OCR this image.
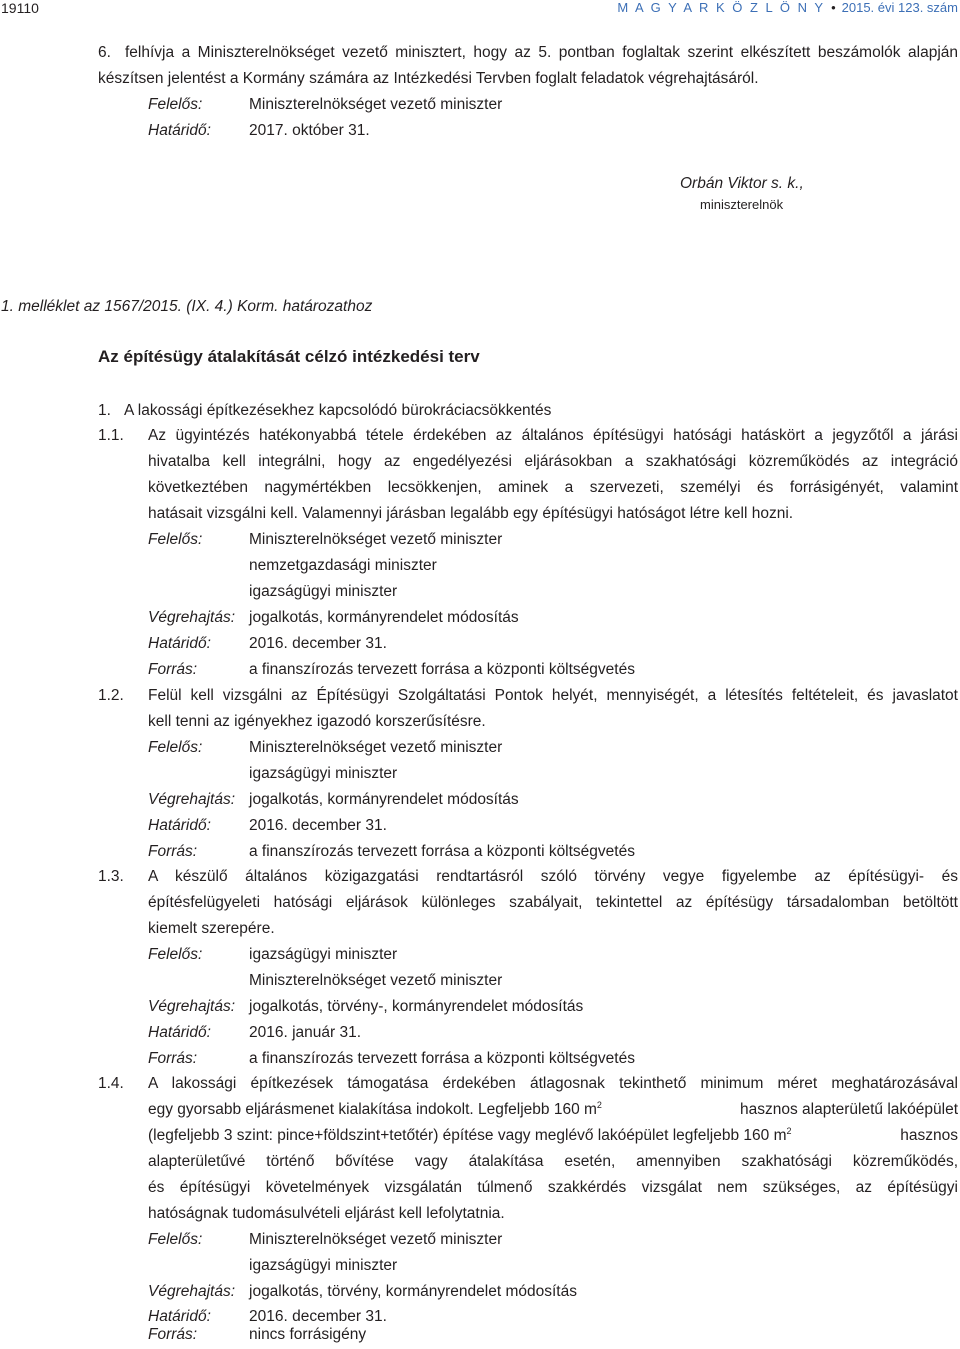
19110	M A G Y A R K Ö Z L Ö N Y • 2015. évi 123. szám
6. felhívja a Miniszterelnökséget vezető minisztert, hogy az 5. pontban foglaltak szerint elkészített beszámolók alapján
készítsen jelentést a Kormány számára az Intézkedési Tervben foglalt feladatok végrehajtásáról.
Felelős:	Miniszterelnökséget vezető miniszter
Határidő: 2017. október 31.
Orbán Viktor s. k.,
miniszterelnök
1. melléklet az 1567/2015. (IX. 4.) Korm. határozathoz
Az építésügy átalakítását célzó intézkedési terv
1. A lakossági építkezésekhez kapcsolódó bürokráciacsökkentés
1.1. Az ügyintézés hatékonyabbá tétele érdekében az általános építésügyi hatósági hatáskört a jegyzőtől a járási
hivatalba kell integrálni, hogy az engedélyezési eljárásokban a szakhatósági közreműködés az integráció
következtében nagymértékben lecsökkenjen, aminek a szervezeti, személyi és forrásigényét, valamint
hatásait vizsgálni kell. Valamennyi járásban legalább egy építésügyi hatóságot létre kell hozni.
Felelős:	Miniszterelnökséget vezető miniszter
nemzetgazdasági miniszter
igazságügyi miniszter
Végrehajtás: jogalkotás, kormányrendelet módosítás
Határidő: 2016. december 31.
Forrás:	a finanszírozás tervezett forrása a központi költségvetés
1.2. Felül kell vizsgálni az Építésügyi Szolgáltatási Pontok helyét, mennyiségét, a létesítés feltételeit, és javaslatot
kell tenni az igényekhez igazodó korszerűsítésre.
Felelős:	Miniszterelnökséget vezető miniszter
igazságügyi miniszter
Végrehajtás: jogalkotás, kormányrendelet módosítás
Határidő: 2016. december 31.
Forrás:	a finanszírozás tervezett forrása a központi költségvetés
1.3. A készülő általános közigazgatási rendtartásról szóló törvény vegye figyelembe az építésügyi- és
építésfelügyeleti hatósági eljárások különleges szabályait, tekintettel az építésügy társadalomban betöltött
kiemelt szerepére.
Felelős:	igazságügyi miniszter
Miniszterelnökséget vezető miniszter
Végrehajtás: jogalkotás, törvény-, kormányrendelet módosítás
Határidő: 2016. január 31.
Forrás:	a finanszírozás tervezett forrása a központi költségvetés
1.4. A lakossági építkezések támogatása érdekében átlagosnak tekinthető minimum méret meghatározásával
egy gyorsabb eljárásmenet kialakítása indokolt. Legfeljebb 160 $m^2$	hasznos alapterületű lakóépület
(legfeljebb 3 szint: pince+földszint+tetőtér) építése vagy meglévő lakóépület legfeljebb 160 $m^2$	hasznos
alapterületűvé történő bővítése vagy átalakítása esetén, amennyiben szakhatósági közreműködés,
és építésügyi követelmények vizsgálatán túlmenő szakkérdés vizsgálat nem szükséges, az építésügyi
hatóságnak tudomásulvételi eljárást kell lefolytatnia.
Felelős:	Miniszterelnökséget vezető miniszter
igazságügyi miniszter
Végrehajtás: jogalkotás, törvény, kormányrendelet módosítás
Határidő: 2016. december 31.
Forrás:	nincs forrásigény
